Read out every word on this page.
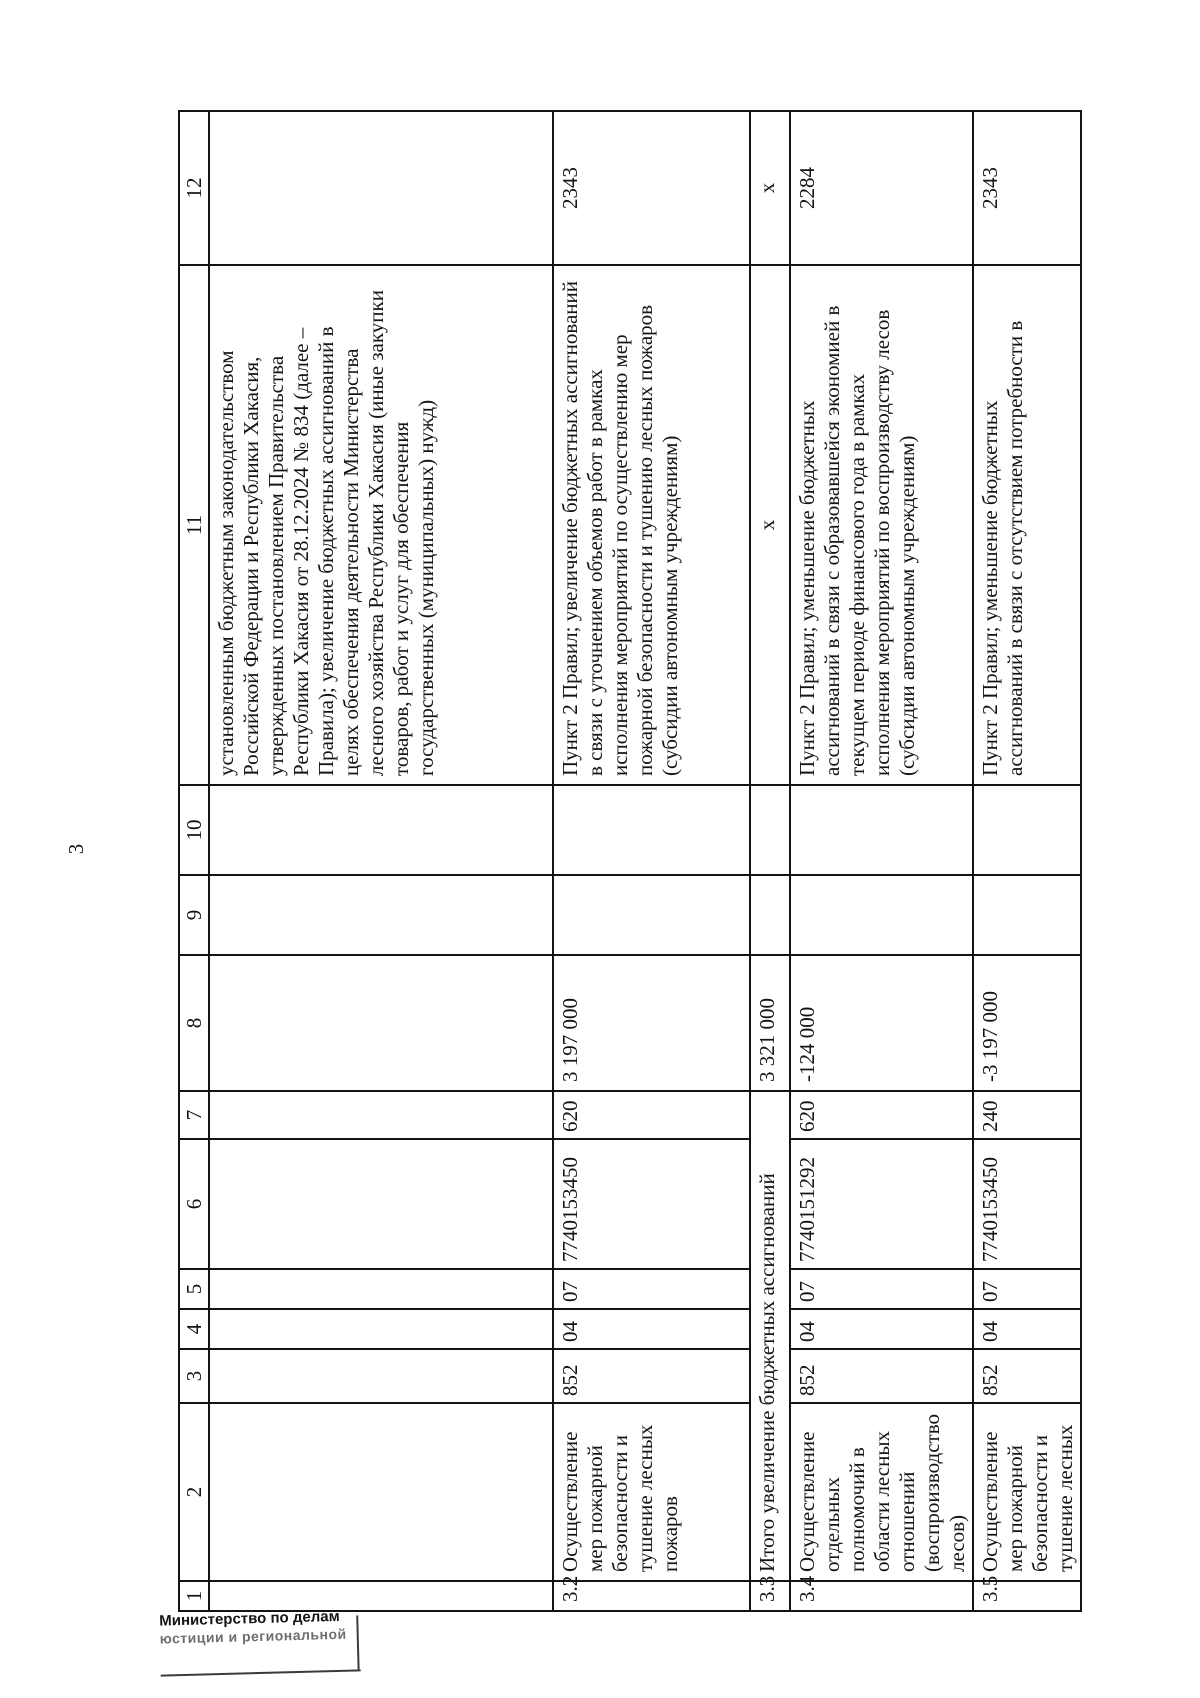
3
1	2	3	4	5	6	7	8	9	10	11	12
										установленным бюджетным законодательством Российской Федерации и Республики Хакасия, утвержденных постановлением Правительства Республики Хакасия от 28.12.2024 № 834 (далее – Правила); увеличение бюджетных ассигнований в целях обеспечения деятельности Министерства лесного хозяйства Республики Хакасия (иные закупки товаров, работ и услуг для обеспечения государственных (муниципальных) нужд)	
3.2	Осуществление мер пожарной безопасности и тушение лесных пожаров	852	04	07	7740153450	620	3 197 000			Пункт 2 Правил; увеличение бюджетных ассигнований в связи с уточнением объемов работ в рамках исполнения мероприятий по осуществлению мер пожарной безопасности и тушению лесных пожаров (субсидии автономным учреждениям)	2343
3.3	Итого увеличение бюджетных ассигнований						3 321 000			x	x
3.4	Осуществление отдельных полномочий в области лесных отношений (воспроизводство лесов)	852	04	07	7740151292	620	-124 000			Пункт 2 Правил; уменьшение бюджетных ассигнований в связи с образовавшейся экономией в текущем периоде финансового года в рамках исполнения мероприятий по воспроизводству лесов (субсидии автономным учреждениям)	2284
3.5	Осуществление мер пожарной безопасности и тушение лесных	852	04	07	7740153450	240	-3 197 000			Пункт 2 Правил; уменьшение бюджетных ассигнований в связи с отсутствием потребности в	2343
Министерство по делам
юстиции и региональной
